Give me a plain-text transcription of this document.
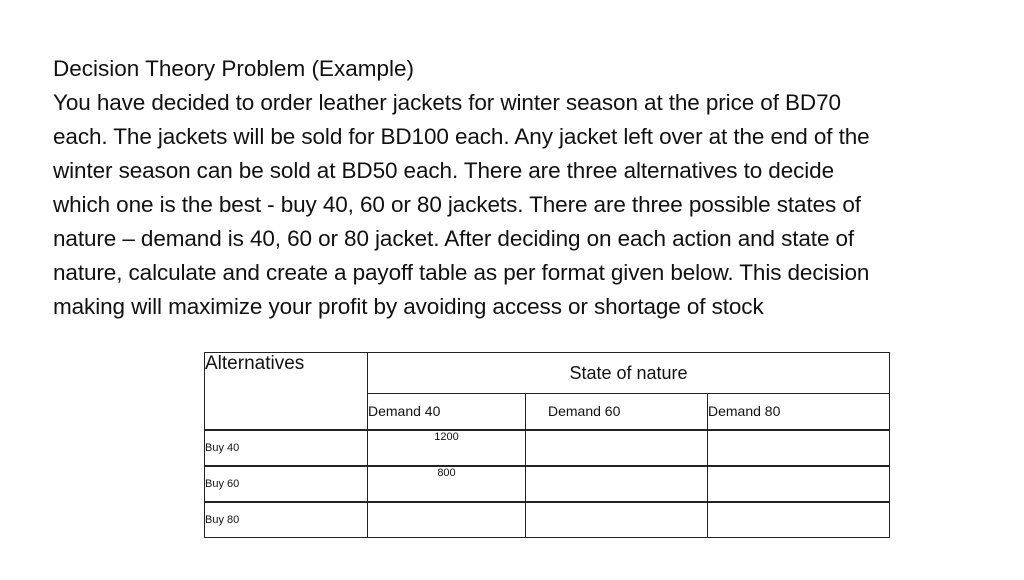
Decision Theory Problem (Example)

You have decided to order leather jackets for winter season at the price of BD70
each. The jackets will be sold for BD100 each. Any jacket left over at the end of the
winter season can be sold at BD50 each. There are three alternatives to decide
which one is the best - buy 40, 60 or 80 jackets. There are three possible states of
nature – demand is 40, 60 or 80 jacket. After deciding on each action and state of
nature, calculate and create a payoff table as per format given below. This decision
making will maximize your profit by avoiding access or shortage of stock

Alternatives	State of nature		
	Demand 40	Demand 60	Demand 80
Buy 40	1200		
Buy 60	800		
Buy 80			
